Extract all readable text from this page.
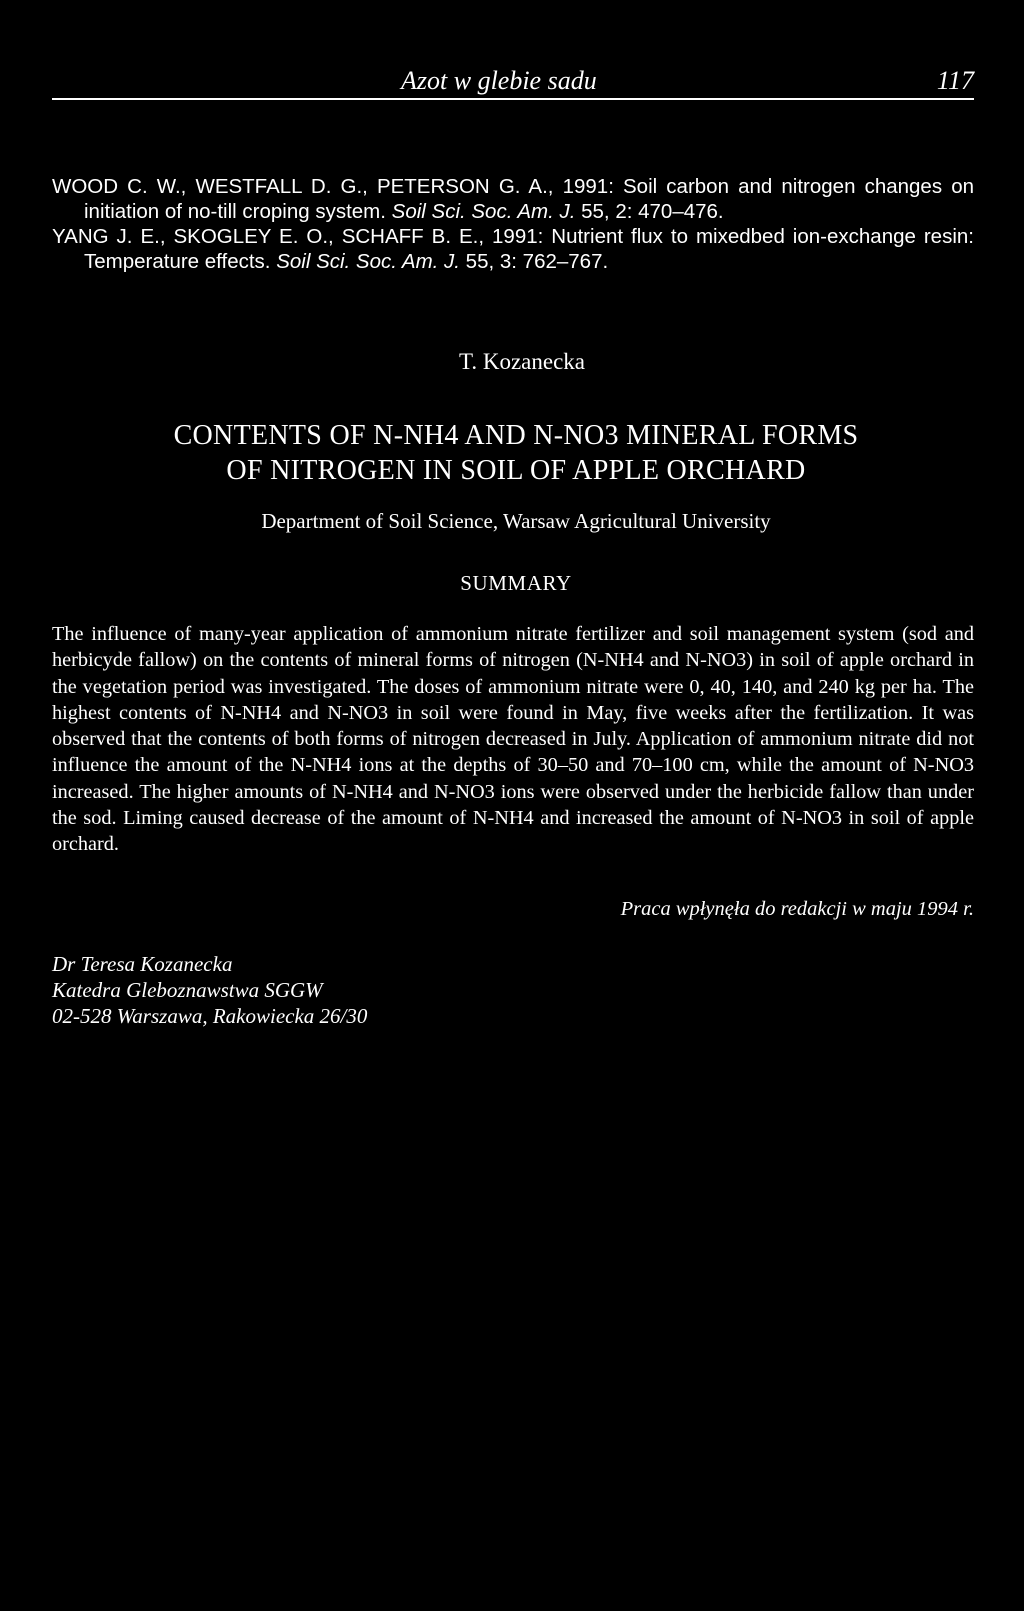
Azot w glebie sadu	117
WOOD C. W., WESTFALL D. G., PETERSON G. A., 1991: Soil carbon and nitrogen changes on initiation of no-till croping system. Soil Sci. Soc. Am. J. 55, 2: 470–476.
YANG J. E., SKOGLEY E. O., SCHAFF B. E., 1991: Nutrient flux to mixedbed ion-exchange resin: Temperature effects. Soil Sci. Soc. Am. J. 55, 3: 762–767.
T. Kozanecka
CONTENTS OF N-NH4 AND N-NO3 MINERAL FORMS
OF NITROGEN IN SOIL OF APPLE ORCHARD
Department of Soil Science, Warsaw Agricultural University
SUMMARY

The influence of many-year application of ammonium nitrate fertilizer and soil management system (sod and herbicyde fallow) on the contents of mineral forms of nitrogen (N-NH4 and N-NO3) in soil of apple orchard in the vegetation period was investigated. The doses of ammonium nitrate were 0, 40, 140, and 240 kg per ha. The highest contents of N-NH4 and N-NO3 in soil were found in May, five weeks after the fertilization. It was observed that the contents of both forms of nitrogen decreased in July. Application of ammonium nitrate did not influence the amount of the N-NH4 ions at the depths of 30–50 and 70–100 cm, while the amount of N-NO3 increased. The higher amounts of N-NH4 and N-NO3 ions were observed under the herbicide fallow than under the sod. Liming caused decrease of the amount of N-NH4 and increased the amount of N-NO3 in soil of apple orchard.

Praca wpłynęła do redakcji w maju 1994 r.
Dr Teresa Kozanecka
Katedra Gleboznawstwa SGGW
02-528 Warszawa, Rakowiecka 26/30
